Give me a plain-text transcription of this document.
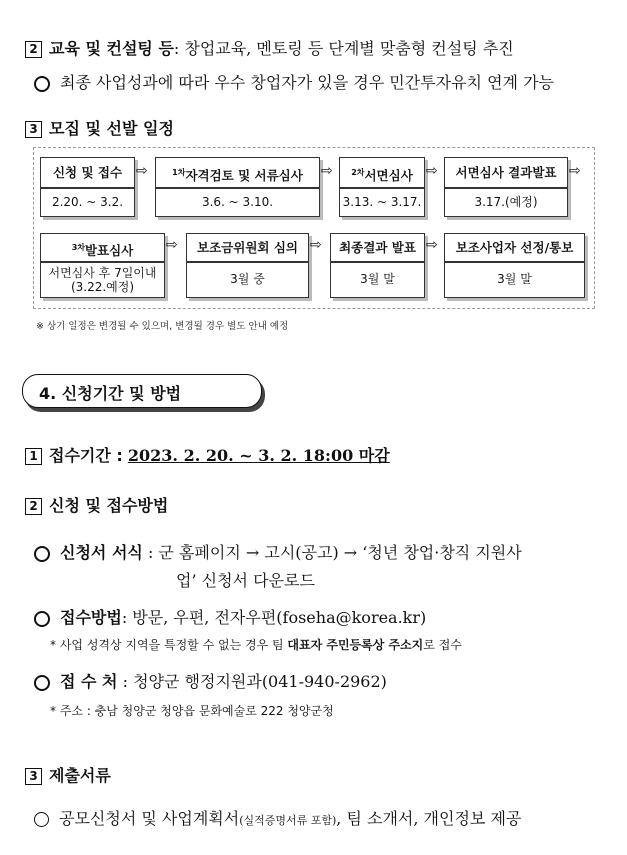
2 교육 및 컨설팅 등: 창업교육, 멘토링 등 단계별 맞춤형 컨설팅 추진
최종 사업성과에 따라 우수 창업자가 있을 경우 민간투자유치 연계 가능
3 모집 및 선발 일정
신청 및 접수
2.20. ~ 3.2.
⇨	$^{1차}$자격검토 및 서류심사
3.6. ~ 3.10.
⇨	$^{2차}$서면심사
3.13. ~ 3.17.
⇨	서면심사 결과발표
3.17.(예정)
⇨
$^{3차}$발표심사
서면심사 후 7일이내
(3.22.예정)
⇨	보조금위원회 심의
3월 중
⇨	최종결과 발표
3월 말
⇨	보조사업자 선정/통보
3월 말
※ 상기 일정은 변경될 수 있으며, 변경될 경우 별도 안내 예정
4. 신청기간 및 방법
1 접수기간 : 2023. 2. 20. ~ 3. 2. 18:00 마감
2 신청 및 접수방법
신청서 서식 : 군 홈페이지 → 고시(공고) → ‘청년 창업·창직 지원사
업’ 신청서 다운로드
접수방법: 방문, 우편, 전자우편(foseha@korea.kr)
* 사업 성격상 지역을 특정할 수 없는 경우 팀 대표자 주민등록상 주소지로 접수
접 수 처 : 청양군 행정지원과(041-940-2962)
* 주소 : 충남 청양군 청양읍 문화예술로 222 청양군청
3 제출서류
공모신청서 및 사업계획서(실적증명서류 포함), 팀 소개서, 개인정보 제공
